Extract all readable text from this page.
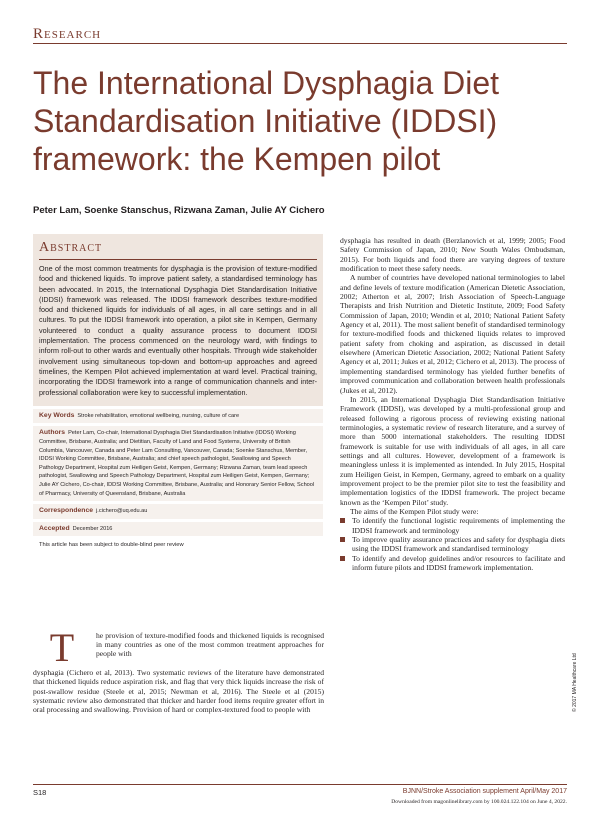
Research
The International Dysphagia Diet Standardisation Initiative (IDDSI) framework: the Kempen pilot
Peter Lam, Soenke Stanschus, Rizwana Zaman, Julie AY Cichero
Abstract
One of the most common treatments for dysphagia is the provision of texture-modified food and thickened liquids. To improve patient safety, a standardised terminology has been advocated. In 2015, the International Dysphagia Diet Standardisation Initiative (IDDSI) framework was released. The IDDSI framework describes texture-modified food and thickened liquids for individuals of all ages, in all care settings and in all cultures. To put the IDDSI framework into operation, a pilot site in Kempen, Germany volunteered to conduct a quality assurance process to document IDDSI implementation. The process commenced on the neurology ward, with findings to inform roll-out to other wards and eventually other hospitals. Through wide stakeholder involvement using simultaneous top-down and bottom-up approaches and agreed timelines, the Kempen Pilot achieved implementation at ward level. Practical training, incorporating the IDDSI framework into a range of communication channels and inter-professional collaboration were key to successful implementation.
Key Words Stroke rehabilitation, emotional wellbeing, nursing, culture of care
Authors Peter Lam, Co-chair, International Dysphagia Diet Standardisation Initiative (IDDSI) Working Committee, Brisbane, Australia; and Dietitian, Faculty of Land and Food Systems, University of British Columbia, Vancouver, Canada and Peter Lam Consulting, Vancouver, Canada; Soenke Stanschus, Member, IDDSI Working Committee, Brisbane, Australia; and chief speech pathologist, Swallowing and Speech Pathology Department, Hospital zum Heiligen Geist, Kempen, Germany; Rizwana Zaman, team lead speech pathologist, Swallowing and Speech Pathology Department, Hospital zum Heiligen Geist, Kempen, Germany; Julie AY Cichero, Co-chair, IDDSI Working Committee, Brisbane, Australia; and Honorary Senior Fellow, School of Pharmacy, University of Queensland, Brisbane, Australia
Correspondence j.cichero@uq.edu.au
Accepted December 2016
This article has been subject to double-blind peer review
T	he provision of texture-modified foods and thickened liquids is recognised in many countries as one of the most common treatment approaches for people with
dysphagia (Cichero et al, 2013). Two systematic reviews of the literature have demonstrated that thickened liquids reduce aspiration risk, and flag that very thick liquids increase the risk of post-swallow residue (Steele et al, 2015; Newman et al, 2016). The Steele et al (2015) systematic review also demonstrated that thicker and harder food items require greater effort in oral processing and swallowing. Provision of hard or complex-textured food to people with

dysphagia has resulted in death (Berzlanovich et al, 1999; 2005; Food Safety Commission of Japan, 2010; New South Wales Ombudsman, 2015). For both liquids and food there are varying degrees of texture modification to meet these safety needs.

A number of countries have developed national terminologies to label and define levels of texture modification (American Dietetic Association, 2002; Atherton et al, 2007; Irish Association of Speech-Language Therapists and Irish Nutrition and Dietetic Institute, 2009; Food Safety Commission of Japan, 2010; Wendin et al, 2010; National Patient Safety Agency et al, 2011). The most salient benefit of standardised terminology for texture-modified foods and thickened liquids relates to improved patient safety from choking and aspiration, as discussed in detail elsewhere (American Dietetic Association, 2002; National Patient Safety Agency et al, 2011; Jukes et al, 2012; Cichero et al, 2013). The process of implementing standardised terminology has yielded further benefits of improved communication and collaboration between health professionals (Jukes et al, 2012).

In 2015, an International Dysphagia Diet Standardisation Initiative Framework (IDDSI), was developed by a multi-professional group and released following a rigorous process of reviewing existing national terminologies, a systematic review of research literature, and a survey of more than 5000 international stakeholders. The resulting IDDSI framework is suitable for use with individuals of all ages, in all care settings and all cultures. However, development of a framework is meaningless unless it is implemented as intended. In July 2015, Hospital zum Heiligen Geist, in Kempen, Germany, agreed to embark on a quality improvement project to be the premier pilot site to test the feasibility and implementation logistics of the IDDSI framework. The project became known as the ‘Kempen Pilot’ study.

The aims of the Kempen Pilot study were:

To identify the functional logistic requirements of implementing the IDDSI framework and terminology
To improve quality assurance practices and safety for dysphagia diets using the IDDSI framework and standardised terminology
To identify and develop guidelines and/or resources to facilitate and inform future pilots and IDDSI framework implementation.
© 2017 MA Healthcare Ltd
S18	BJNN/Stroke Association supplement April/May 2017
Downloaded from magonlinelibrary.com by 100.024.122.104 on June 4, 2022.
